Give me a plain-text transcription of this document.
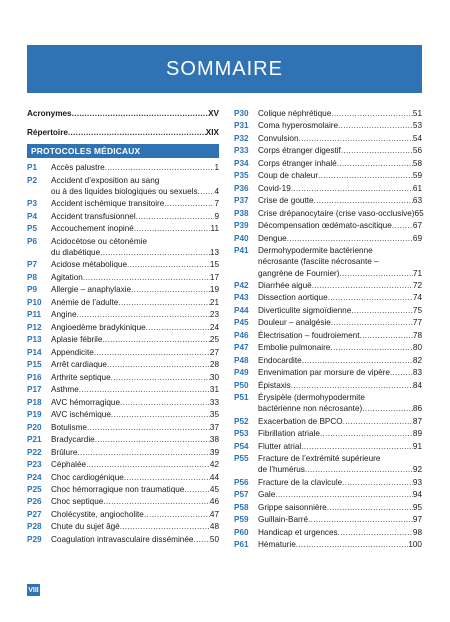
SOMMAIRE
Acronymes .....	XV
Répertoire .....	XIX
PROTOCOLES MÉDICAUX
P1	Accès palustre .....	1
P2	Accident d’exposition au sang
ou à des liquides biologiques ou sexuels ..... 4
P3	Accident ischémique transitoire .....	7
P4	Accident transfusionnel .....	9
P5	Accouchement inopiné .....	11
P6	Acidocétose ou cétonémie
du diabétique .....	13
P7	Acidose métabolique .....	15
P8	Agitation .....	17
P9	Allergie – anaphylaxie .....	19
P10	Anémie de l’adulte .....	21
P11	Angine .....	23
P12	Angioedème bradykinique .....	24
P13	Aplasie fébrile .....	25
P14	Appendicite .....	27
P15	Arrêt cardiaque .....	28
P16	Arthrite septique .....	30
P17	Asthme .....	31
P18	AVC hémorragique .....	33
P19	AVC ischémique .....	35
P20	Botulisme .....	37
P21	Bradycardie .....	38
P22	Brûlure .....	39
P23	Céphalée .....	42
P24	Choc cardiogénique .....	44
P25	Choc hémorragique non traumatique .....	45
P26	Choc septique .....	46
P27	Cholécystite, angiocholite .....	47
P28	Chute du sujet âgé .....	48
P29	Coagulation intravasculaire disséminée ..... 50
P30	Colique néphrétique .....	51
P31	Coma hyperosmolaire .....	53
P32	Convulsion .....	54
P33	Corps étranger digestif .....	56
P34	Corps étranger inhalé .....	58
P35	Coup de chaleur .....	59
P36	Covid-19 .....	61
P37	Crise de goutte .....	63
P38	Crise drépanocytaire (crise vaso-occlusive) 65
P39	Décompensation œdémato-ascitique .....	67
P40	Dengue .....	69
P41	Dermohypodermite bactérienne
nécrosante (fasciite nécrosante –
gangrène de Fournier) .....	71
P42	Diarrhée aiguë .....	72
P43	Dissection aortique .....	74
P44	Diverticulite sigmoïdienne .....	75
P45	Douleur – analgésie .....	77
P46	Électrisation – foudroiement .....	78
P47	Embolie pulmonaire .....	80
P48	Endocardite .....	82
P49	Envenimation par morsure de vipère .....	83
P50	Épistaxis .....	84
P51	Érysipèle (dermohypodermite
bactérienne non nécrosante) .....	86
P52	Exacerbation de BPCO .....	87
P53	Fibrillation atriale .....	89
P54	Flutter atrial .....	91
P55	Fracture de l’extrémité supérieure
de l’humérus .....	92
P56	Fracture de la clavicule .....	93
P57	Gale .....	94
P58	Grippe saisonnière .....	95
P59	Guillain-Barré .....	97
P60	Handicap et urgences .....	98
P61	Hématurie .....	100
VIII
